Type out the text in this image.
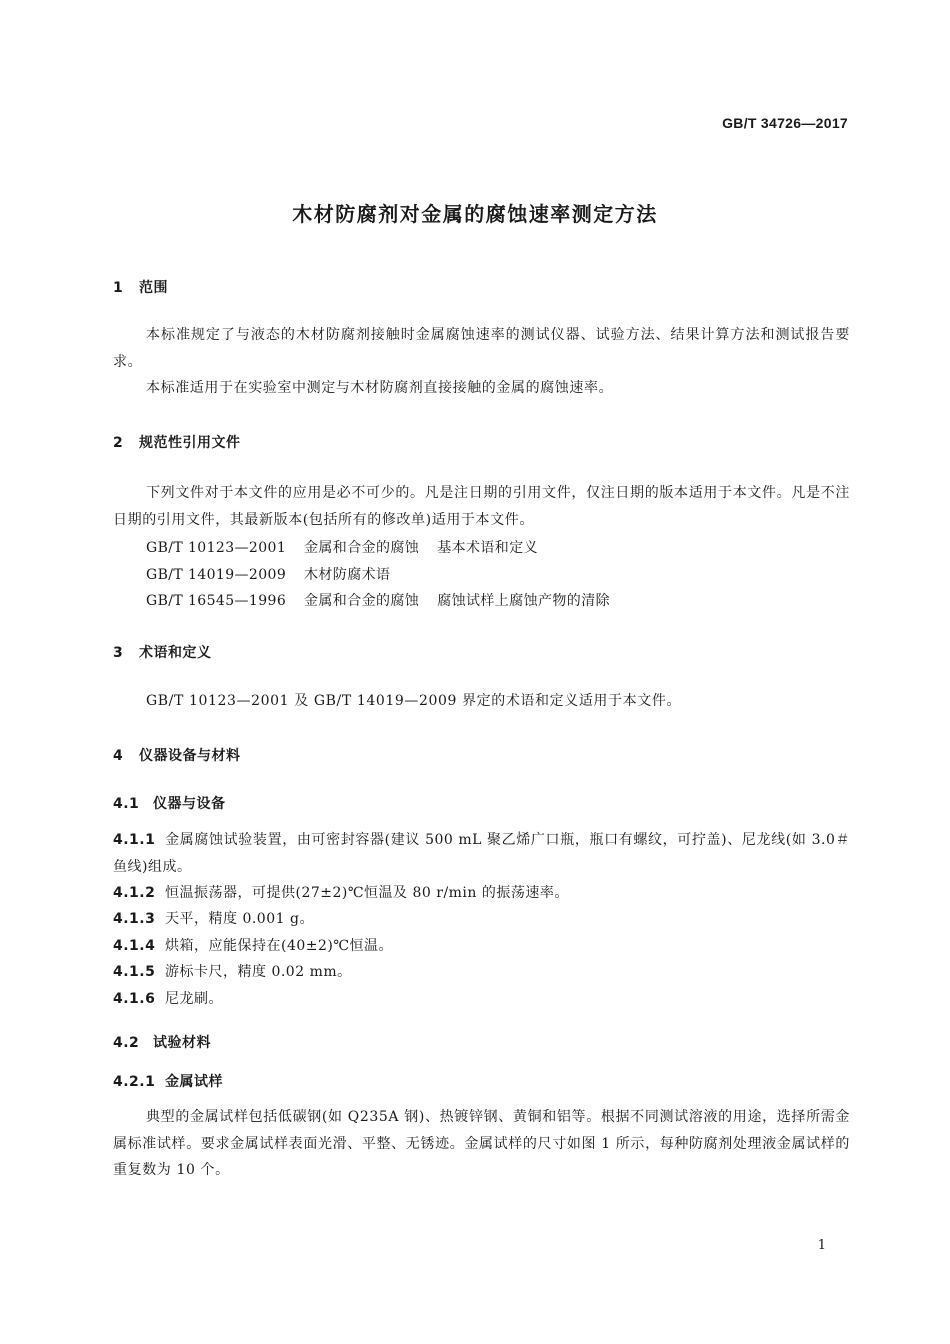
GB/T 34726—2017
木材防腐剂对金属的腐蚀速率测定方法
1 范围

本标准规定了与液态的木材防腐剂接触时金属腐蚀速率的测试仪器、试验方法、结果计算方法和测试报告要求。

本标准适用于在实验室中测定与木材防腐剂直接接触的金属的腐蚀速率。

2 规范性引用文件

下列文件对于本文件的应用是必不可少的。凡是注日期的引用文件，仅注日期的版本适用于本文件。凡是不注日期的引用文件，其最新版本(包括所有的修改单)适用于本文件。

GB/T 10123—2001 金属和合金的腐蚀 基本术语和定义

GB/T 14019—2009 木材防腐术语

GB/T 16545—1996 金属和合金的腐蚀 腐蚀试样上腐蚀产物的清除

3 术语和定义

GB/T 10123—2001 及 GB/T 14019—2009 界定的术语和定义适用于本文件。

4 仪器设备与材料
4.1 仪器与设备

4.1.1 金属腐蚀试验装置，由可密封容器(建议 500 mL 聚乙烯广口瓶，瓶口有螺纹，可拧盖)、尼龙线(如 3.0＃鱼线)组成。

4.1.2 恒温振荡器，可提供(27±2)℃恒温及 80 r/min 的振荡速率。

4.1.3 天平，精度 0.001 g。

4.1.4 烘箱，应能保持在(40±2)℃恒温。

4.1.5 游标卡尺，精度 0.02 mm。

4.1.6 尼龙刷。

4.2 试验材料
4.2.1 金属试样

典型的金属试样包括低碳钢(如 Q235A 钢)、热镀锌钢、黄铜和铝等。根据不同测试溶液的用途，选择所需金属标准试样。要求金属试样表面光滑、平整、无锈迹。金属试样的尺寸如图 1 所示，每种防腐剂处理液金属试样的重复数为 10 个。

1
